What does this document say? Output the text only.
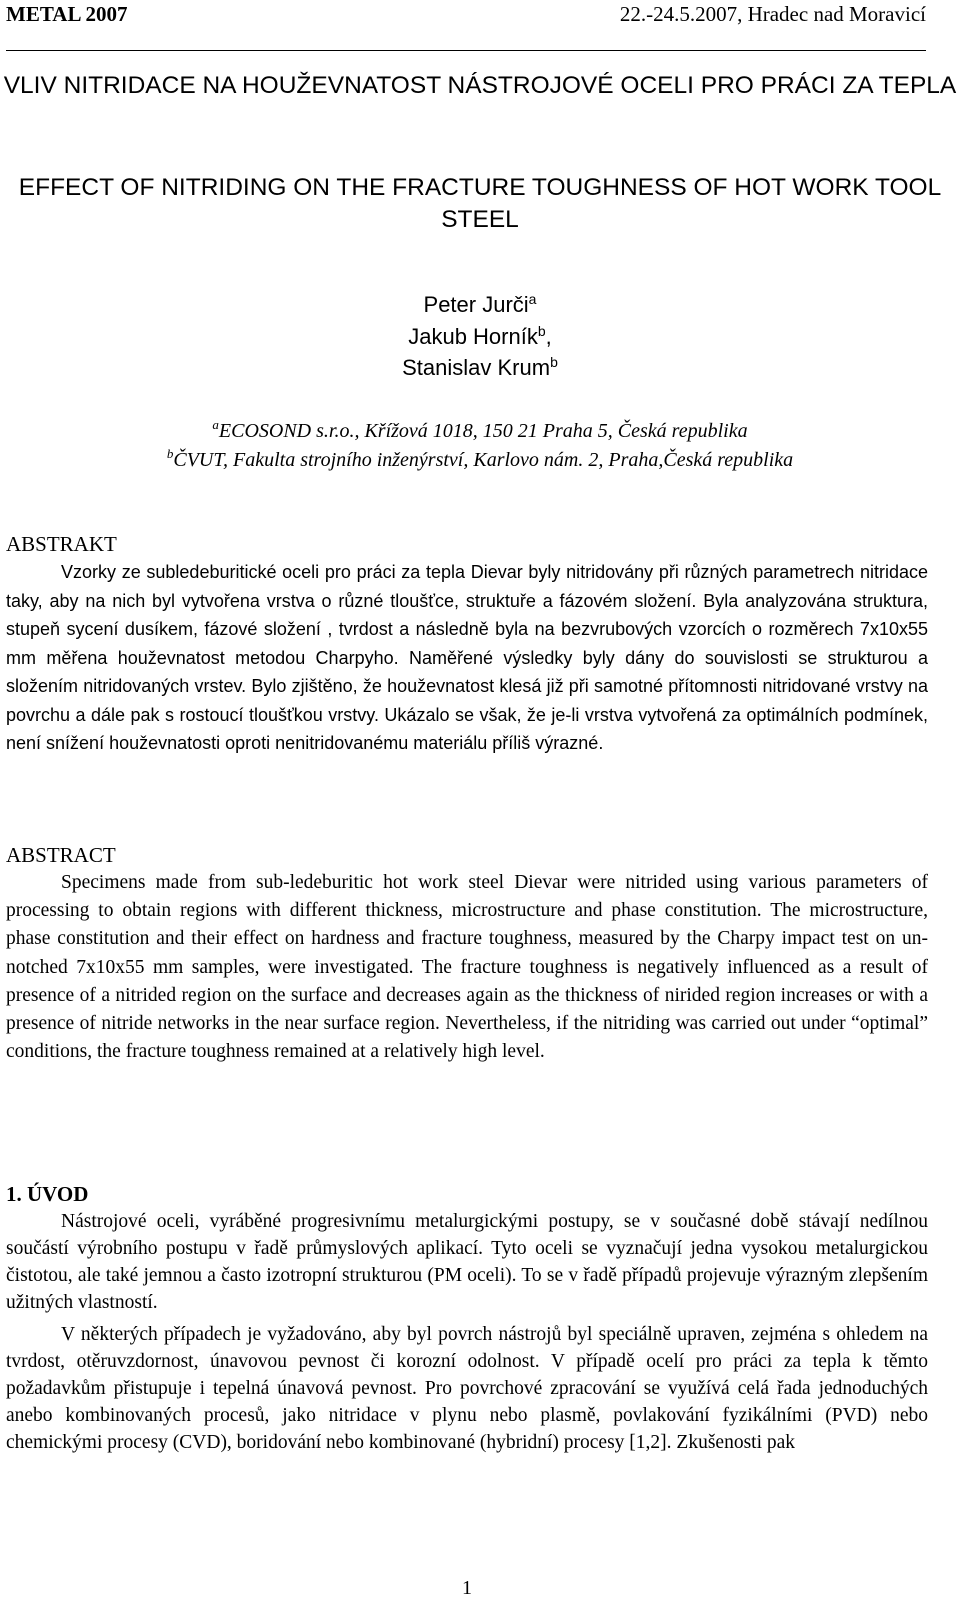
METAL 2007	22.-24.5.2007, Hradec nad Moravicí
VLIV NITRIDACE NA HOUŽEVNATOST NÁSTROJOVÉ OCELI PRO PRÁCI ZA TEPLA
EFFECT OF NITRIDING ON THE FRACTURE TOUGHNESS OF HOT WORK TOOL STEEL
Peter Jurči$^a$
Jakub Horník$^b$,
Stanislav Krum$^b$
$^a$ECOSOND s.r.o., Křížová 1018, 150 21 Praha 5, Česká republika
$^b$ČVUT, Fakulta strojního inženýrství, Karlovo nám. 2, Praha,Česká republika
ABSTRAKT

Vzorky ze subledeburitické oceli pro práci za tepla Dievar byly nitridovány při různých parametrech nitridace taky, aby na nich byl vytvořena vrstva o různé tloušťce, struktuře a fázovém složení. Byla analyzována struktura, stupeň sycení dusíkem, fázové složení , tvrdost a následně byla na bezvrubových vzorcích o rozměrech 7x10x55 mm měřena houževnatost metodou Charpyho. Naměřené výsledky byly dány do souvislosti se strukturou a složením nitridovaných vrstev. Bylo zjištěno, že houževnatost klesá již při samotné přítomnosti nitridované vrstvy na povrchu a dále pak s rostoucí tloušťkou vrstvy. Ukázalo se však, že je-li vrstva vytvořená za optimálních podmínek, není snížení houževnatosti oproti nenitridovanému materiálu příliš výrazné.

ABSTRACT

Specimens made from sub-ledeburitic hot work steel Dievar were nitrided using various parameters of processing to obtain regions with different thickness, microstructure and phase constitution. The microstructure, phase constitution and their effect on hardness and fracture toughness, measured by the Charpy impact test on un-notched 7x10x55 mm samples, were investigated. The fracture toughness is negatively influenced as a result of presence of a nitrided region on the surface and decreases again as the thickness of nirided region increases or with a presence of nitride networks in the near surface region. Nevertheless, if the nitriding was carried out under “optimal” conditions, the fracture toughness remained at a relatively high level.

1. ÚVOD

Nástrojové oceli, vyráběné progresivnímu metalurgickými postupy, se v současné době stávají nedílnou součástí výrobního postupu v řadě průmyslových aplikací. Tyto oceli se vyznačují jedna vysokou metalurgickou čistotou, ale také jemnou a často izotropní strukturou (PM oceli). To se v řadě případů projevuje výrazným zlepšením užitných vlastností.

V některých případech je vyžadováno, aby byl povrch nástrojů byl speciálně upraven, zejména s ohledem na tvrdost, otěruvzdornost, únavovou pevnost či korozní odolnost. V případě ocelí pro práci za tepla k těmto požadavkům přistupuje i tepelná únavová pevnost. Pro povrchové zpracování se využívá celá řada jednoduchých anebo kombinovaných procesů, jako nitridace v plynu nebo plasmě, povlakování fyzikálními (PVD) nebo chemickými procesy (CVD), boridování nebo kombinované (hybridní) procesy [1,2]. Zkušenosti pak

1
